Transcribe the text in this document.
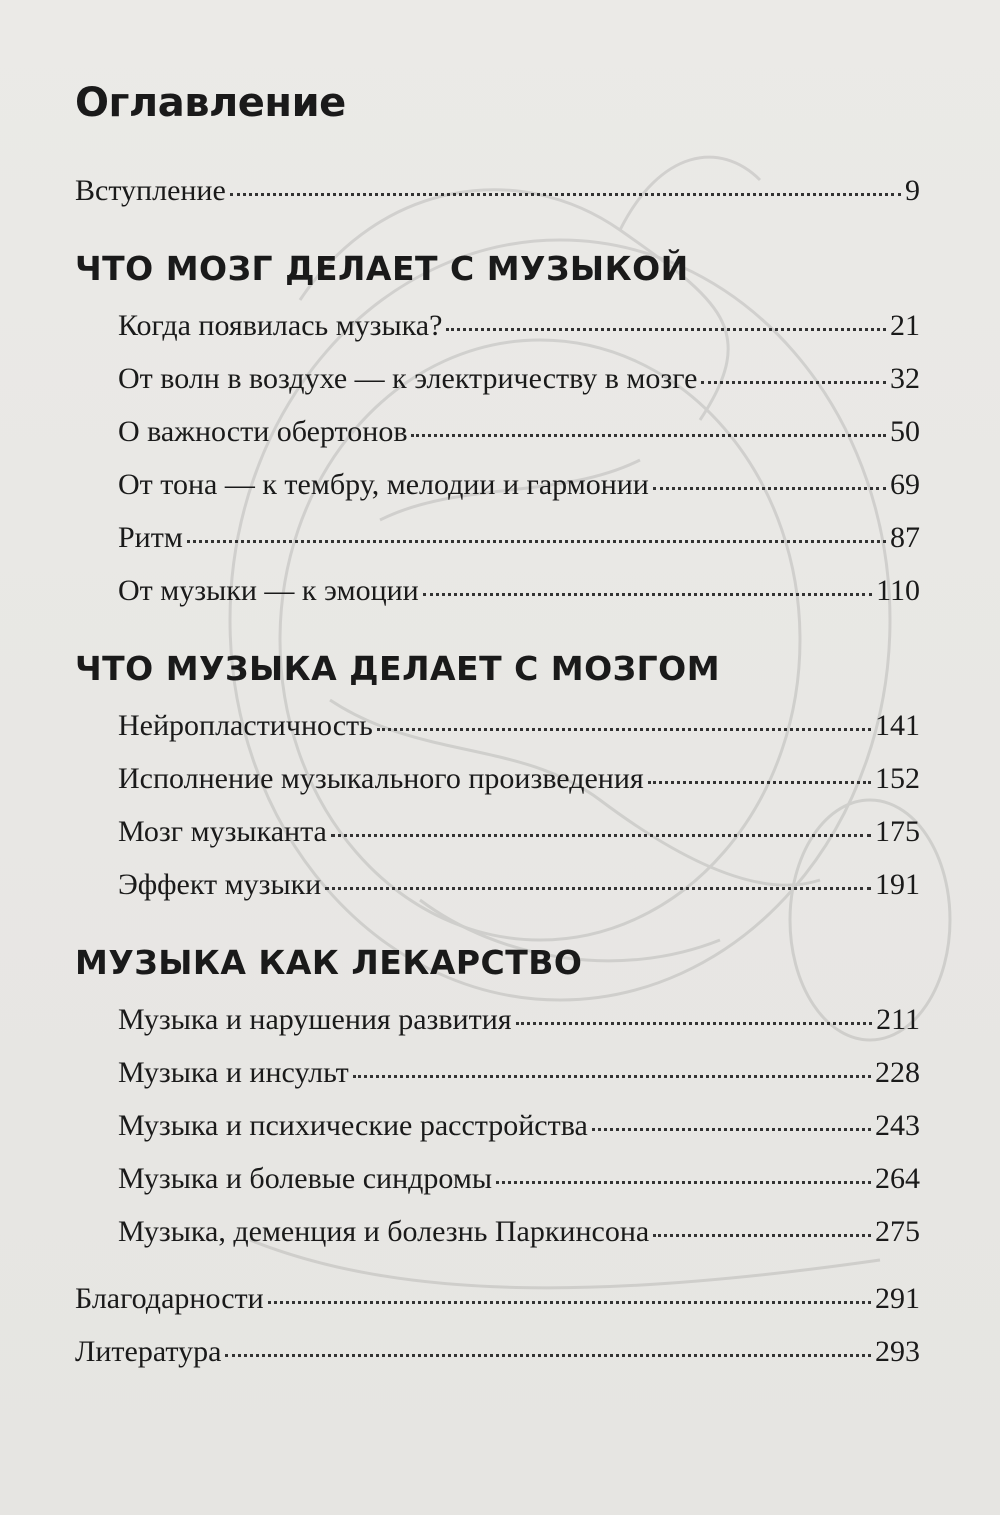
Оглавление
Вступление	9
ЧТО МОЗГ ДЕЛАЕТ С МУЗЫКОЙ
Когда появилась музыка?	21
От волн в воздухе — к электричеству в мозге	32
О важности обертонов	50
От тона — к тембру, мелодии и гармонии	69
Ритм	87
От музыки — к эмоции	110
ЧТО МУЗЫКА ДЕЛАЕТ С МОЗГОМ
Нейропластичность	141
Исполнение музыкального произведения	152
Мозг музыканта	175
Эффект музыки	191
МУЗЫКА КАК ЛЕКАРСТВО
Музыка и нарушения развития	211
Музыка и инсульт	228
Музыка и психические расстройства	243
Музыка и болевые синдромы	264
Музыка, деменция и болезнь Паркинсона	275
Благодарности	291
Литература	293
